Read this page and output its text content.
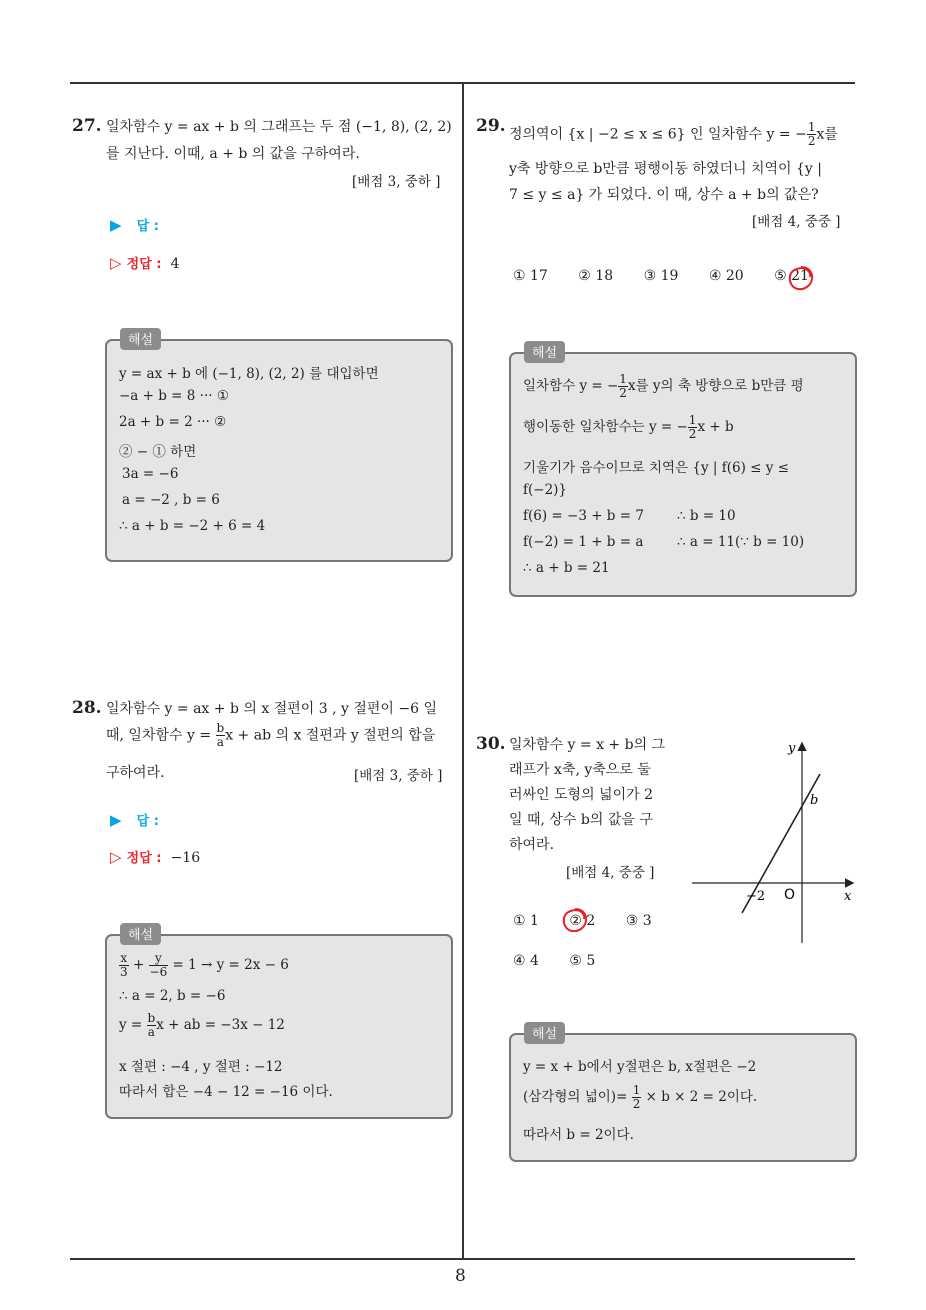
8
27. 일차함수 y = ax + b 의 그래프는 두 점 (−1, 8), (2, 2)
를 지난다. 이때, a + b 의 값을 구하여라.
[배점 3, 중하 ]
▶ 답 :
▷ 정답 : 4
y = ax + b 에 (−1, 8), (2, 2) 를 대입하면
−a + b = 8 ··· ①
2a + b = 2 ··· ②
② − ① 하면
3a = −6
a = −2 , b = 6
∴ a + b = −2 + 6 = 4
해설
28. 일차함수 y = ax + b 의 x 절편이 3 , y 절편이 −6 일
때, 일차함수 $y = \frac{b}{a}$ x + ab 의 x 절편과 y 절편의 합을
구하여라.	[배점 3, 중하 ]
▶ 답 :
▷ 정답 : −16
$\frac{x}{3} + \frac{y}{-6} = 1 \to y = 2x - 6$
∴ a = 2, b = −6
$y = \frac{b}{a}$ x + ab = −3x − 12
x 절편 : −4 , y 절편 : −12
따라서 합은 −4 − 12 = −16 이다.
해설
29. 정의역이 {x | −2 ≤ x ≤ 6} 인 일차함수 y = − $\frac{1}{2}$ x를
y축 방향으로 b만큼 평행이동 하였더니 치역이 {y |
7 ≤ y ≤ a} 가 되었다. 이 때, 상수 a + b의 값은?
[배점 4, 중중 ]
① 17 ② 18 ③ 19 ④ 20 ⑤ 21
일차함수 y = − $\frac{1}{2}$ x를 y의 축 방향으로 b만큼 평
행이동한 일차함수는 y = − $\frac{1}{2}$ x + b
기울기가 음수이므로 치역은 {y | f(6) ≤ y ≤
f(−2)}
f(6) = −3 + b = 7 ∴ b = 10
f(−2) = 1 + b = a ∴ a = 11(∵ b = 10)
∴ a + b = 21
해설
30. 일차함수 y = x + b의 그
래프가 x축, y축으로 둘
러싸인 도형의 넓이가 2
일 때, 상수 b의 값을 구
하여라.
[배점 4, 중중 ]
y
x
O
−2
b
① 1 ② 2 ③ 3
④ 4 ⑤ 5
y = x + b에서 y절편은 b, x절편은 −2
(삼각형의 넓이)= $\frac{1}{2} \times b \times 2 = 2$이다.
따라서 b = 2이다.
해설
